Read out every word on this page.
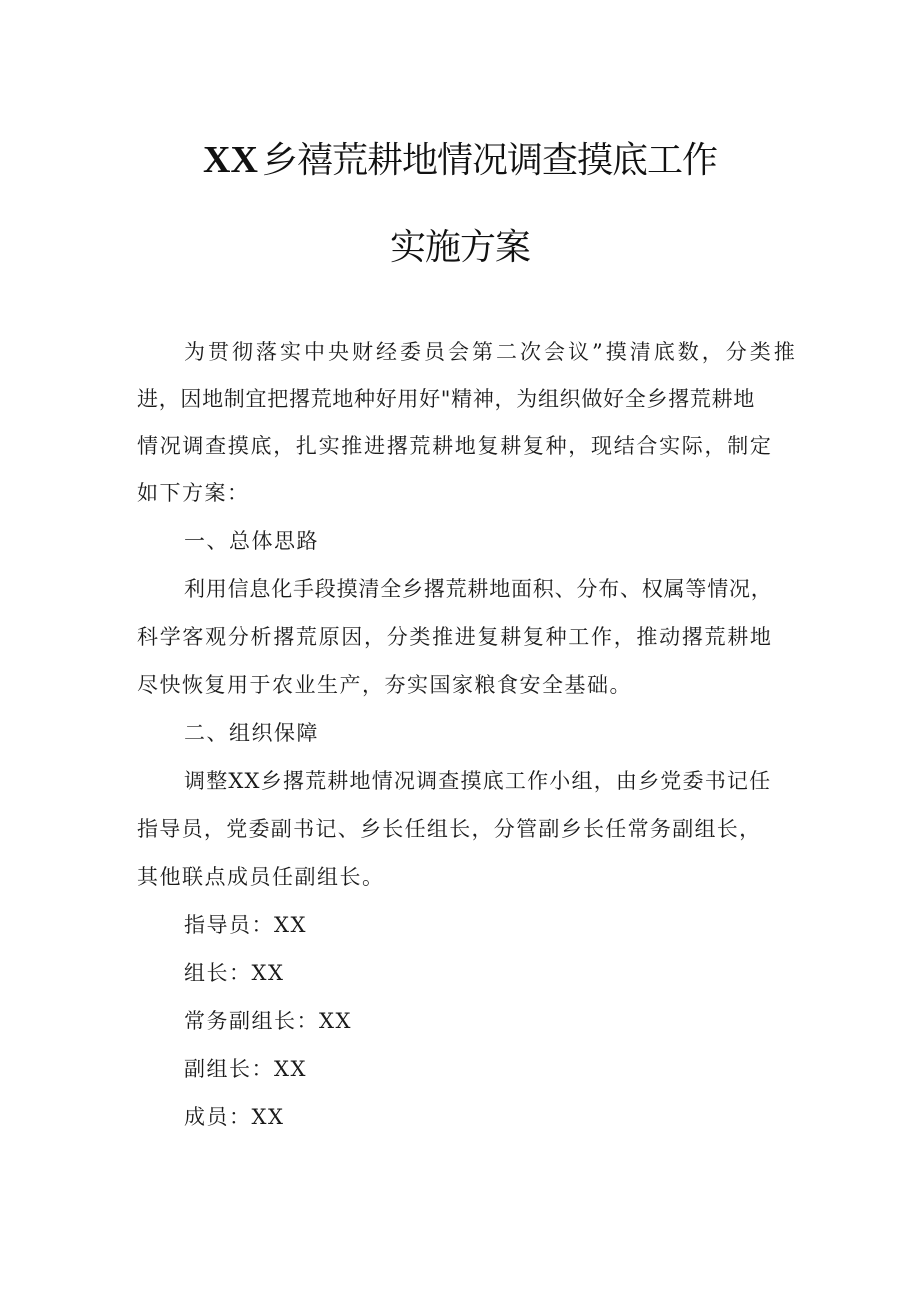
XX 乡禧荒耕地情况调查摸底工作
实施方案
为贯彻落实中央财经委员会第二次会议”摸清底数，分类推
进，因地制宜把撂荒地种好用好"精神，为组织做好全乡撂荒耕地
情况调查摸底，扎实推进撂荒耕地复耕复种，现结合实际，制定
如下方案：
一、总体思路
利用信息化手段摸清全乡撂荒耕地面积、分布、权属等情况，
科学客观分析撂荒原因，分类推进复耕复种工作，推动撂荒耕地
尽快恢复用于农业生产，夯实国家粮食安全基础。
二、组织保障
调整XX乡撂荒耕地情况调查摸底工作小组，由乡党委书记任
指导员，党委副书记、乡长任组长，分管副乡长任常务副组长，
其他联点成员任副组长。
指导员：XX
组长：XX
常务副组长：XX
副组长：XX
成员：XX
